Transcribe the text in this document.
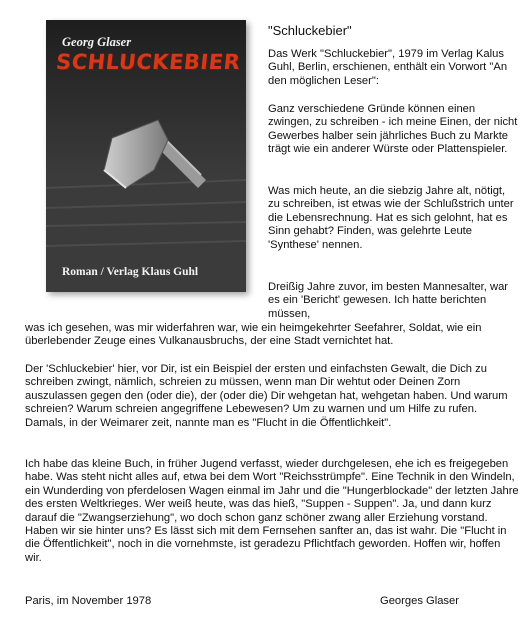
Georg Glaser
SCHLUCKEBIER
Roman / Verlag Klaus Guhl
"Schluckebier"

Das Werk "Schluckebier", 1979 im Verlag Kalus Guhl, Berlin, erschienen, enthält ein Vorwort "An den möglichen Leser":

Ganz verschiedene Gründe können einen zwingen, zu schreiben - ich meine Einen, der nicht Gewerbes halber sein jährliches Buch zu Markte trägt wie ein anderer Würste oder Plattenspieler.

Was mich heute, an die siebzig Jahre alt, nötigt, zu schreiben, ist etwas wie der Schlußstrich unter die Lebensrechnung. Hat es sich gelohnt, hat es Sinn gehabt? Finden, was gelehrte Leute 'Synthese' nennen.

Dreißig Jahre zuvor, im besten Mannesalter, war es ein 'Bericht' gewesen. Ich hatte berichten müssen,

was ich gesehen, was mir widerfahren war, wie ein heimgekehrter Seefahrer, Soldat, wie ein überlebender Zeuge eines Vulkanausbruchs, der eine Stadt vernichtet hat.

Der 'Schluckebier' hier, vor Dir, ist ein Beispiel der ersten und einfachsten Gewalt, die Dich zu schreiben zwingt, nämlich, schreien zu müssen, wenn man Dir wehtut oder Deinen Zorn auszulassen gegen den (oder die), der (oder die) Dir wehgetan hat, wehgetan haben. Und warum schreien? Warum schreien angegriffene Lebewesen? Um zu warnen und um Hilfe zu rufen. Damals, in der Weimarer zeit, nannte man es "Flucht in die Öffentlichkeit".

Ich habe das kleine Buch, in früher Jugend verfasst, wieder durchgelesen, ehe ich es freigegeben habe. Was steht nicht alles auf, etwa bei dem Wort "Reichsstrümpfe". Eine Technik in den Windeln, ein Wunderding von pferdelosen Wagen einmal im Jahr und die "Hungerblockade" der letzten Jahre des ersten Weltkrieges. Wer weiß heute, was das hieß, "Suppen - Suppen". Ja, und dann kurz darauf die "Zwangserziehung", wo doch schon ganz schöner zwang aller Erziehung vorstand. Haben wir sie hinter uns? Es lässt sich mit dem Fernsehen sanfter an, das ist wahr. Die "Flucht in die Öffentlichkeit", noch in die vornehmste, ist geradezu Pflichtfach geworden. Hoffen wir, hoffen wir.

Paris, im November 1978	Georges Glaser
